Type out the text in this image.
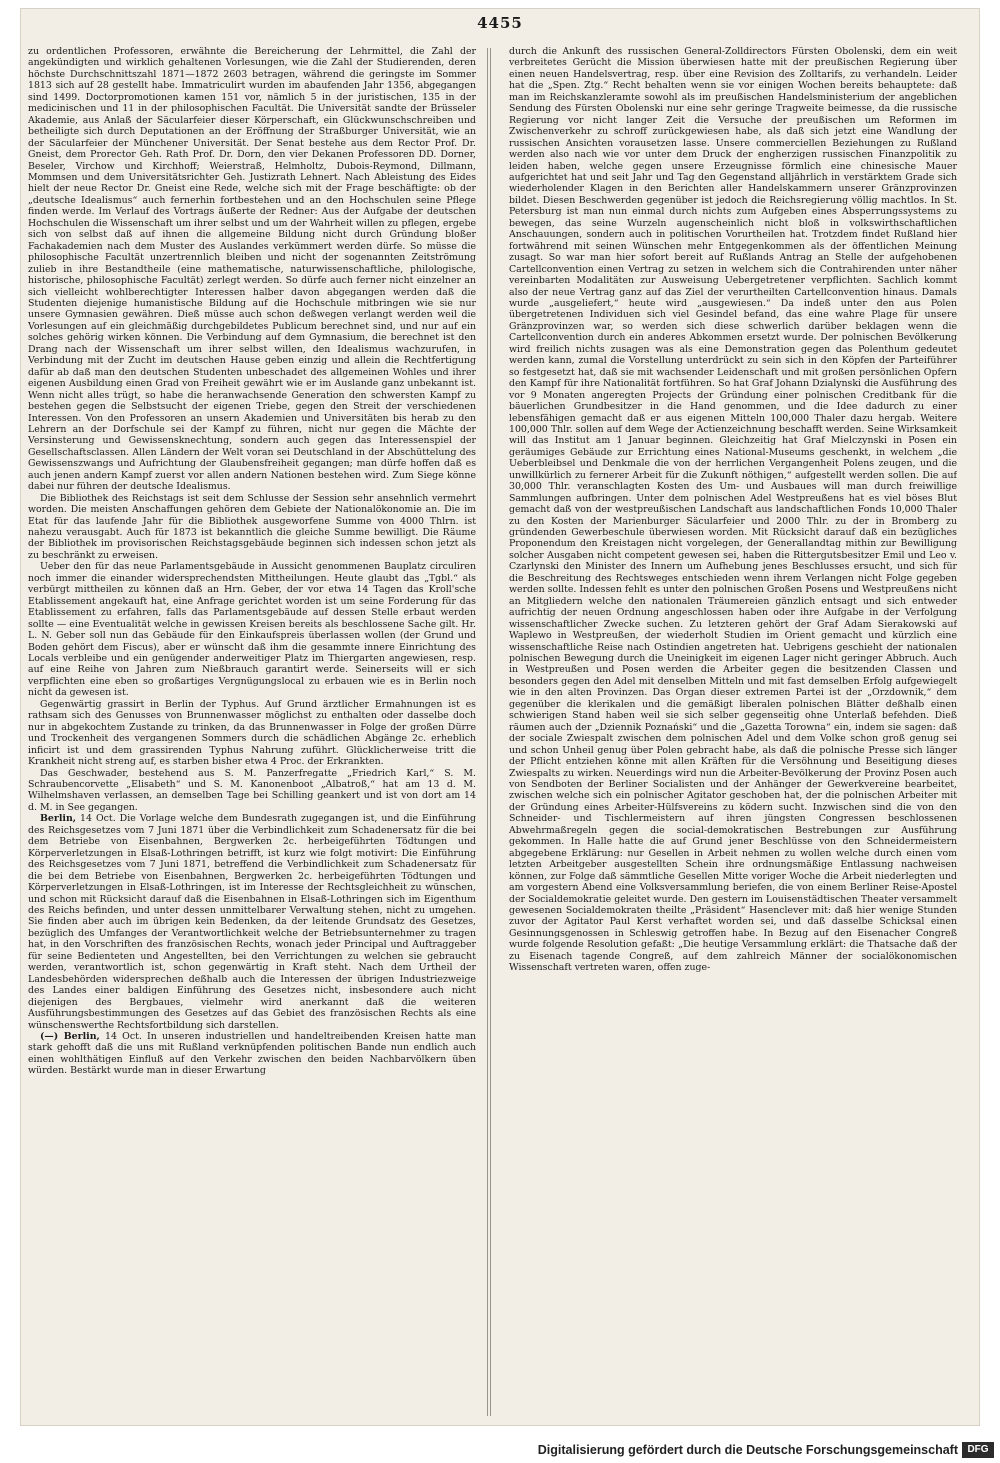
4455

zu ordentlichen Professoren, erwähnte die Bereicherung der Lehrmittel, die Zahl der angekündigten und wirklich gehaltenen Vorlesungen, wie die Zahl der Studierenden, deren höchste Durchschnittszahl 1871—1872 2603 betragen, während die geringste im Sommer 1813 sich auf 28 gestellt habe. Immatriculirt wurden im abaufenden Jahr 1356, abgegangen sind 1499. Doctorpromotionen kamen 151 vor, nämlich 5 in der juristischen, 135 in der medicinischen und 11 in der philosophischen Facultät. Die Universität sandte der Brüsseler Akademie, aus Anlaß der Säcularfeier dieser Körperschaft, ein Glückwunschschreiben und betheiligte sich durch Deputationen an der Eröffnung der Straßburger Universität, wie an der Säcularfeier der Münchener Universität. Der Senat bestehe aus dem Rector Prof. Dr. Gneist, dem Prorector Geh. Rath Prof. Dr. Dorn, den vier Dekanen Professoren DD. Dorner, Beseler, Virchow und Kirchhoff; Weierstraß, Helmholtz, Dubois-Reymond, Dillmann, Mommsen und dem Universitätsrichter Geh. Justizrath Lehnert. Nach Ableistung des Eides hielt der neue Rector Dr. Gneist eine Rede, welche sich mit der Frage beschäftigte: ob der „deutsche Idealismus“ auch fernerhin fortbestehen und an den Hochschulen seine Pflege finden werde. Im Verlauf des Vortrags äußerte der Redner: Aus der Aufgabe der deutschen Hochschulen die Wissenschaft um ihrer selbst und um der Wahrheit willen zu pflegen, ergebe sich von selbst daß auf ihnen die allgemeine Bildung nicht durch Gründung bloßer Fachakademien nach dem Muster des Auslandes verkümmert werden dürfe. So müsse die philosophische Facultät unzertrennlich bleiben und nicht der sogenannten Zeitströmung zulieb in ihre Bestandtheile (eine mathematische, naturwissenschaftliche, philologische, historische, philosophische Facultät) zerlegt werden. So dürfe auch ferner nicht einzelner an sich vielleicht wohlberechtigter Interessen halber davon abgegangen werden daß die Studenten diejenige humanistische Bildung auf die Hochschule mitbringen wie sie nur unsere Gymnasien gewähren. Dieß müsse auch schon deßwegen verlangt werden weil die Vorlesungen auf ein gleichmäßig durchgebildetes Publicum berechnet sind, und nur auf ein solches gehörig wirken können. Die Verbindung auf dem Gymnasium, die berechnet ist den Drang nach der Wissenschaft um ihrer selbst willen, den Idealismus wachzurufen, in Verbindung mit der Zucht im deutschen Hause geben einzig und allein die Rechtfertigung dafür ab daß man den deutschen Studenten unbeschadet des allgemeinen Wohles und ihrer eigenen Ausbildung einen Grad von Freiheit gewährt wie er im Auslande ganz unbekannt ist. Wenn nicht alles trügt, so habe die heranwachsende Generation den schwersten Kampf zu bestehen gegen die Selbstsucht der eigenen Triebe, gegen den Streit der verschiedenen Interessen. Von den Professoren an unsern Akademien und Universitäten bis herab zu den Lehrern an der Dorfschule sei der Kampf zu führen, nicht nur gegen die Mächte der Versinsterung und Gewissensknechtung, sondern auch gegen das Interessenspiel der Gesellschaftsclassen. Allen Ländern der Welt voran sei Deutschland in der Abschüttelung des Gewissenszwangs und Aufrichtung der Glaubensfreiheit gegangen; man dürfe hoffen daß es auch jenen andern Kampf zuerst vor allen andern Nationen bestehen wird. Zum Siege könne dabei nur führen der deutsche Idealismus.

Die Bibliothek des Reichstags ist seit dem Schlusse der Session sehr ansehnlich vermehrt worden. Die meisten Anschaffungen gehören dem Gebiete der Nationalökonomie an. Die im Etat für das laufende Jahr für die Bibliothek ausgeworfene Summe von 4000 Thlrn. ist nahezu verausgabt. Auch für 1873 ist bekanntlich die gleiche Summe bewilligt. Die Räume der Bibliothek im provisorischen Reichstagsgebäude beginnen sich indessen schon jetzt als zu beschränkt zu erweisen.

Ueber den für das neue Parlamentsgebäude in Aussicht genommenen Bauplatz circuliren noch immer die einander widersprechendsten Mittheilungen. Heute glaubt das „Tgbl.“ als verbürgt mittheilen zu können daß an Hrn. Geber, der vor etwa 14 Tagen das Kroll'sche Etablissement angekauft hat, eine Anfrage gerichtet worden ist um seine Forderung für das Etablissement zu erfahren, falls das Parlamentsgebäude auf dessen Stelle erbaut werden sollte — eine Eventualität welche in gewissen Kreisen bereits als beschlossene Sache gilt. Hr. L. N. Geber soll nun das Gebäude für den Einkaufspreis überlassen wollen (der Grund und Boden gehört dem Fiscus), aber er wünscht daß ihm die gesammte innere Einrichtung des Locals verbleibe und ein genügender anderweitiger Platz im Thiergarten angewiesen, resp. auf eine Reihe von Jahren zum Nießbrauch garantirt werde. Seinerseits will er sich verpflichten eine eben so großartiges Vergnügungslocal zu erbauen wie es in Berlin noch nicht da gewesen ist.

Gegenwärtig grassirt in Berlin der Typhus. Auf Grund ärztlicher Ermahnungen ist es rathsam sich des Genusses von Brunnenwasser möglichst zu enthalten oder dasselbe doch nur in abgekochtem Zustande zu trinken, da das Brunnenwasser in Folge der großen Dürre und Trockenheit des vergangenen Sommers durch die schädlichen Abgänge 2c. erheblich inficirt ist und dem grassirenden Typhus Nahrung zuführt. Glücklicherweise tritt die Krankheit nicht streng auf, es starben bisher etwa 4 Proc. der Erkrankten.

Das Geschwader, bestehend aus S. M. Panzerfregatte „Friedrich Karl,“ S. M. Schraubencorvette „Elisabeth“ und S. M. Kanonenboot „Albatroß,“ hat am 13 d. M. Wilhelmshaven verlassen, an demselben Tage bei Schilling geankert und ist von dort am 14 d. M. in See gegangen.

Berlin, 14 Oct. Die Vorlage welche dem Bundesrath zugegangen ist, und die Einführung des Reichsgesetzes vom 7 Juni 1871 über die Verbindlichkeit zum Schadenersatz für die bei dem Betriebe von Eisenbahnen, Bergwerken 2c. herbeigeführten Tödtungen und Körperverletzungen in Elsaß-Lothringen betrifft, ist kurz wie folgt motivirt: Die Einführung des Reichsgesetzes vom 7 Juni 1871, betreffend die Verbindlichkeit zum Schadenersatz für die bei dem Betriebe von Eisenbahnen, Bergwerken 2c. herbeigeführten Tödtungen und Körperverletzungen in Elsaß-Lothringen, ist im Interesse der Rechtsgleichheit zu wünschen, und schon mit Rücksicht darauf daß die Eisenbahnen in Elsaß-Lothringen sich im Eigenthum des Reichs befinden, und unter dessen unmittelbarer Verwaltung stehen, nicht zu umgehen. Sie finden aber auch im übrigen kein Bedenken, da der leitende Grundsatz des Gesetzes, bezüglich des Umfanges der Verantwortlichkeit welche der Betriebsunternehmer zu tragen hat, in den Vorschriften des französischen Rechts, wonach jeder Principal und Auftraggeber für seine Bedienteten und Angestellten, bei den Verrichtungen zu welchen sie gebraucht werden, verantwortlich ist, schon gegenwärtig in Kraft steht. Nach dem Urtheil der Landesbehörden widersprechen deßhalb auch die Interessen der übrigen Industriezweige des Landes einer baldigen Einführung des Gesetzes nicht, insbesondere auch nicht diejenigen des Bergbaues, vielmehr wird anerkannt daß die weiteren Ausführungsbestimmungen des Gesetzes auf das Gebiet des französischen Rechts als eine wünschenswerthe Rechtsfortbildung sich darstellen.

(—) Berlin, 14 Oct. In unseren industriellen und handeltreibenden Kreisen hatte man stark gehofft daß die uns mit Rußland verknüpfenden politischen Bande nun endlich auch einen wohlthätigen Einfluß auf den Verkehr zwischen den beiden Nachbarvölkern üben würden. Bestärkt wurde man in dieser Erwartung

durch die Ankunft des russischen General-Zolldirectors Fürsten Obolenski, dem ein weit verbreitetes Gerücht die Mission überwiesen hatte mit der preußischen Regierung über einen neuen Handelsvertrag, resp. über eine Revision des Zolltarifs, zu verhandeln. Leider hat die „Spen. Ztg.“ Recht behalten wenn sie vor einigen Wochen bereits behauptete: daß man im Reichskanzleramte sowohl als im preußischen Handelsministerium der angeblichen Sendung des Fürsten Obolenski nur eine sehr geringe Tragweite beimesse, da die russische Regierung vor nicht langer Zeit die Versuche der preußischen um Reformen im Zwischenverkehr zu schroff zurückgewiesen habe, als daß sich jetzt eine Wandlung der russischen Ansichten vorausetzen lasse. Unsere commerciellen Beziehungen zu Rußland werden also nach wie vor unter dem Druck der engherzigen russischen Finanzpolitik zu leiden haben, welche gegen unsere Erzeugnisse förmlich eine chinesische Mauer aufgerichtet hat und seit Jahr und Tag den Gegenstand alljährlich in verstärktem Grade sich wiederholender Klagen in den Berichten aller Handelskammern unserer Gränzprovinzen bildet. Diesen Beschwerden gegenüber ist jedoch die Reichsregierung völlig machtlos. In St. Petersburg ist man nun einmal durch nichts zum Aufgeben eines Absperrungssystems zu bewegen, das seine Wurzeln augenscheinlich nicht bloß in volkswirthschaftlichen Anschauungen, sondern auch in politischen Vorurtheilen hat. Trotzdem findet Rußland hier fortwährend mit seinen Wünschen mehr Entgegenkommen als der öffentlichen Meinung zusagt. So war man hier sofort bereit auf Rußlands Antrag an Stelle der aufgehobenen Cartellconvention einen Vertrag zu setzen in welchem sich die Contrahirenden unter näher vereinbarten Modalitäten zur Ausweisung Uebergetretener verpflichten. Sachlich kommt also der neue Vertrag ganz auf das Ziel der verurtheilten Cartellconvention hinaus. Damals wurde „ausgeliefert,“ heute wird „ausgewiesen.“ Da indeß unter den aus Polen übergetretenen Individuen sich viel Gesindel befand, das eine wahre Plage für unsere Gränzprovinzen war, so werden sich diese schwerlich darüber beklagen wenn die Cartellconvention durch ein anderes Abkommen ersetzt wurde. Der polnischen Bevölkerung wird freilich nichts zusagen was als eine Demonstration gegen das Polenthum gedeutet werden kann, zumal die Vorstellung unterdrückt zu sein sich in den Köpfen der Parteiführer so festgesetzt hat, daß sie mit wachsender Leidenschaft und mit großen persönlichen Opfern den Kampf für ihre Nationalität fortführen. So hat Graf Johann Dzialynski die Ausführung des vor 9 Monaten angeregten Projects der Gründung einer polnischen Creditbank für die bäuerlichen Grundbesitzer in die Hand genommen, und die Idee dadurch zu einer lebensfähigen gemacht daß er aus eigenen Mitteln 100,000 Thaler dazu hergab. Weitere 100,000 Thlr. sollen auf dem Wege der Actienzeichnung beschafft werden. Seine Wirksamkeit will das Institut am 1 Januar beginnen. Gleichzeitig hat Graf Mielczynski in Posen ein geräumiges Gebäude zur Errichtung eines National-Museums geschenkt, in welchem „die Ueberbleibsel und Denkmale die von der herrlichen Vergangenheit Polens zeugen, und die unwillkürlich zu fernerer Arbeit für die Zukunft nöthigen,“ aufgestellt werden sollen. Die auf 30,000 Thlr. veranschlagten Kosten des Um- und Ausbaues will man durch freiwillige Sammlungen aufbringen. Unter dem polnischen Adel Westpreußens hat es viel böses Blut gemacht daß von der westpreußischen Landschaft aus landschaftlichen Fonds 10,000 Thaler zu den Kosten der Marienburger Säcularfeier und 2000 Thlr. zu der in Bromberg zu gründenden Gewerbeschule überwiesen worden. Mit Rücksicht darauf daß ein bezügliches Proponendum den Kreistagen nicht vorgelegen, der Generallandtag mithin zur Bewilligung solcher Ausgaben nicht competent gewesen sei, haben die Rittergutsbesitzer Emil und Leo v. Czarlynski den Minister des Innern um Aufhebung jenes Beschlusses ersucht, und sich für die Beschreitung des Rechtsweges entschieden wenn ihrem Verlangen nicht Folge gegeben werden sollte. Indessen fehlt es unter den polnischen Großen Posens und Westpreußens nicht an Mitgliedern welche den nationalen Träumereien gänzlich entsagt und sich entweder aufrichtig der neuen Ordnung angeschlossen haben oder ihre Aufgabe in der Verfolgung wissenschaftlicher Zwecke suchen. Zu letzteren gehört der Graf Adam Sierakowski auf Waplewo in Westpreußen, der wiederholt Studien im Orient gemacht und kürzlich eine wissenschaftliche Reise nach Ostindien angetreten hat. Uebrigens geschieht der nationalen polnischen Bewegung durch die Uneinigkeit im eigenen Lager nicht geringer Abbruch. Auch in Westpreußen und Posen werden die Arbeiter gegen die besitzenden Classen und besonders gegen den Adel mit denselben Mitteln und mit fast demselben Erfolg aufgewiegelt wie in den alten Provinzen. Das Organ dieser extremen Partei ist der „Orzdownik,“ dem gegenüber die klerikalen und die gemäßigt liberalen polnischen Blätter deßhalb einen schwierigen Stand haben weil sie sich selber gegenseitig ohne Unterlaß befehden. Dieß räumen auch der „Dziennik Poznański“ und die „Gazetta Torowna“ ein, indem sie sagen: daß der sociale Zwiespalt zwischen dem polnischen Adel und dem Volke schon groß genug sei und schon Unheil genug über Polen gebracht habe, als daß die polnische Presse sich länger der Pflicht entziehen könne mit allen Kräften für die Versöhnung und Beseitigung dieses Zwiespalts zu wirken. Neuerdings wird nun die Arbeiter-Bevölkerung der Provinz Posen auch von Sendboten der Berliner Socialisten und der Anhänger der Gewerkvereine bearbeitet, zwischen welche sich ein polnischer Agitator geschoben hat, der die polnischen Arbeiter mit der Gründung eines Arbeiter-Hülfsvereins zu ködern sucht. Inzwischen sind die von den Schneider- und Tischlermeistern auf ihren jüngsten Congressen beschlossenen Abwehrmaßregeln gegen die social-demokratischen Bestrebungen zur Ausführung gekommen. In Halle hatte die auf Grund jener Beschlüsse von den Schneidermeistern abgegebene Erklärung: nur Gesellen in Arbeit nehmen zu wollen welche durch einen vom letzten Arbeitgeber ausgestellten Schein ihre ordnungsmäßige Entlassung nachweisen können, zur Folge daß sämmtliche Gesellen Mitte voriger Woche die Arbeit niederlegten und am vorgestern Abend eine Volksversammlung beriefen, die von einem Berliner Reise-Apostel der Socialdemokratie geleitet wurde. Den gestern im Louisenstädtischen Theater versammelt gewesenen Socialdemokraten theilte „Präsident“ Hasenclever mit: daß hier wenige Stunden zuvor der Agitator Paul Kerst verhaftet worden sei, und daß dasselbe Schicksal einen Gesinnungsgenossen in Schleswig getroffen habe. In Bezug auf den Eisenacher Congreß wurde folgende Resolution gefaßt: „Die heutige Versammlung erklärt: die Thatsache daß der zu Eisenach tagende Congreß, auf dem zahlreich Männer der socialökonomischen Wissenschaft vertreten waren, offen zuge-

Digitalisierung gefördert durch die Deutsche Forschungsgemeinschaft DFG
